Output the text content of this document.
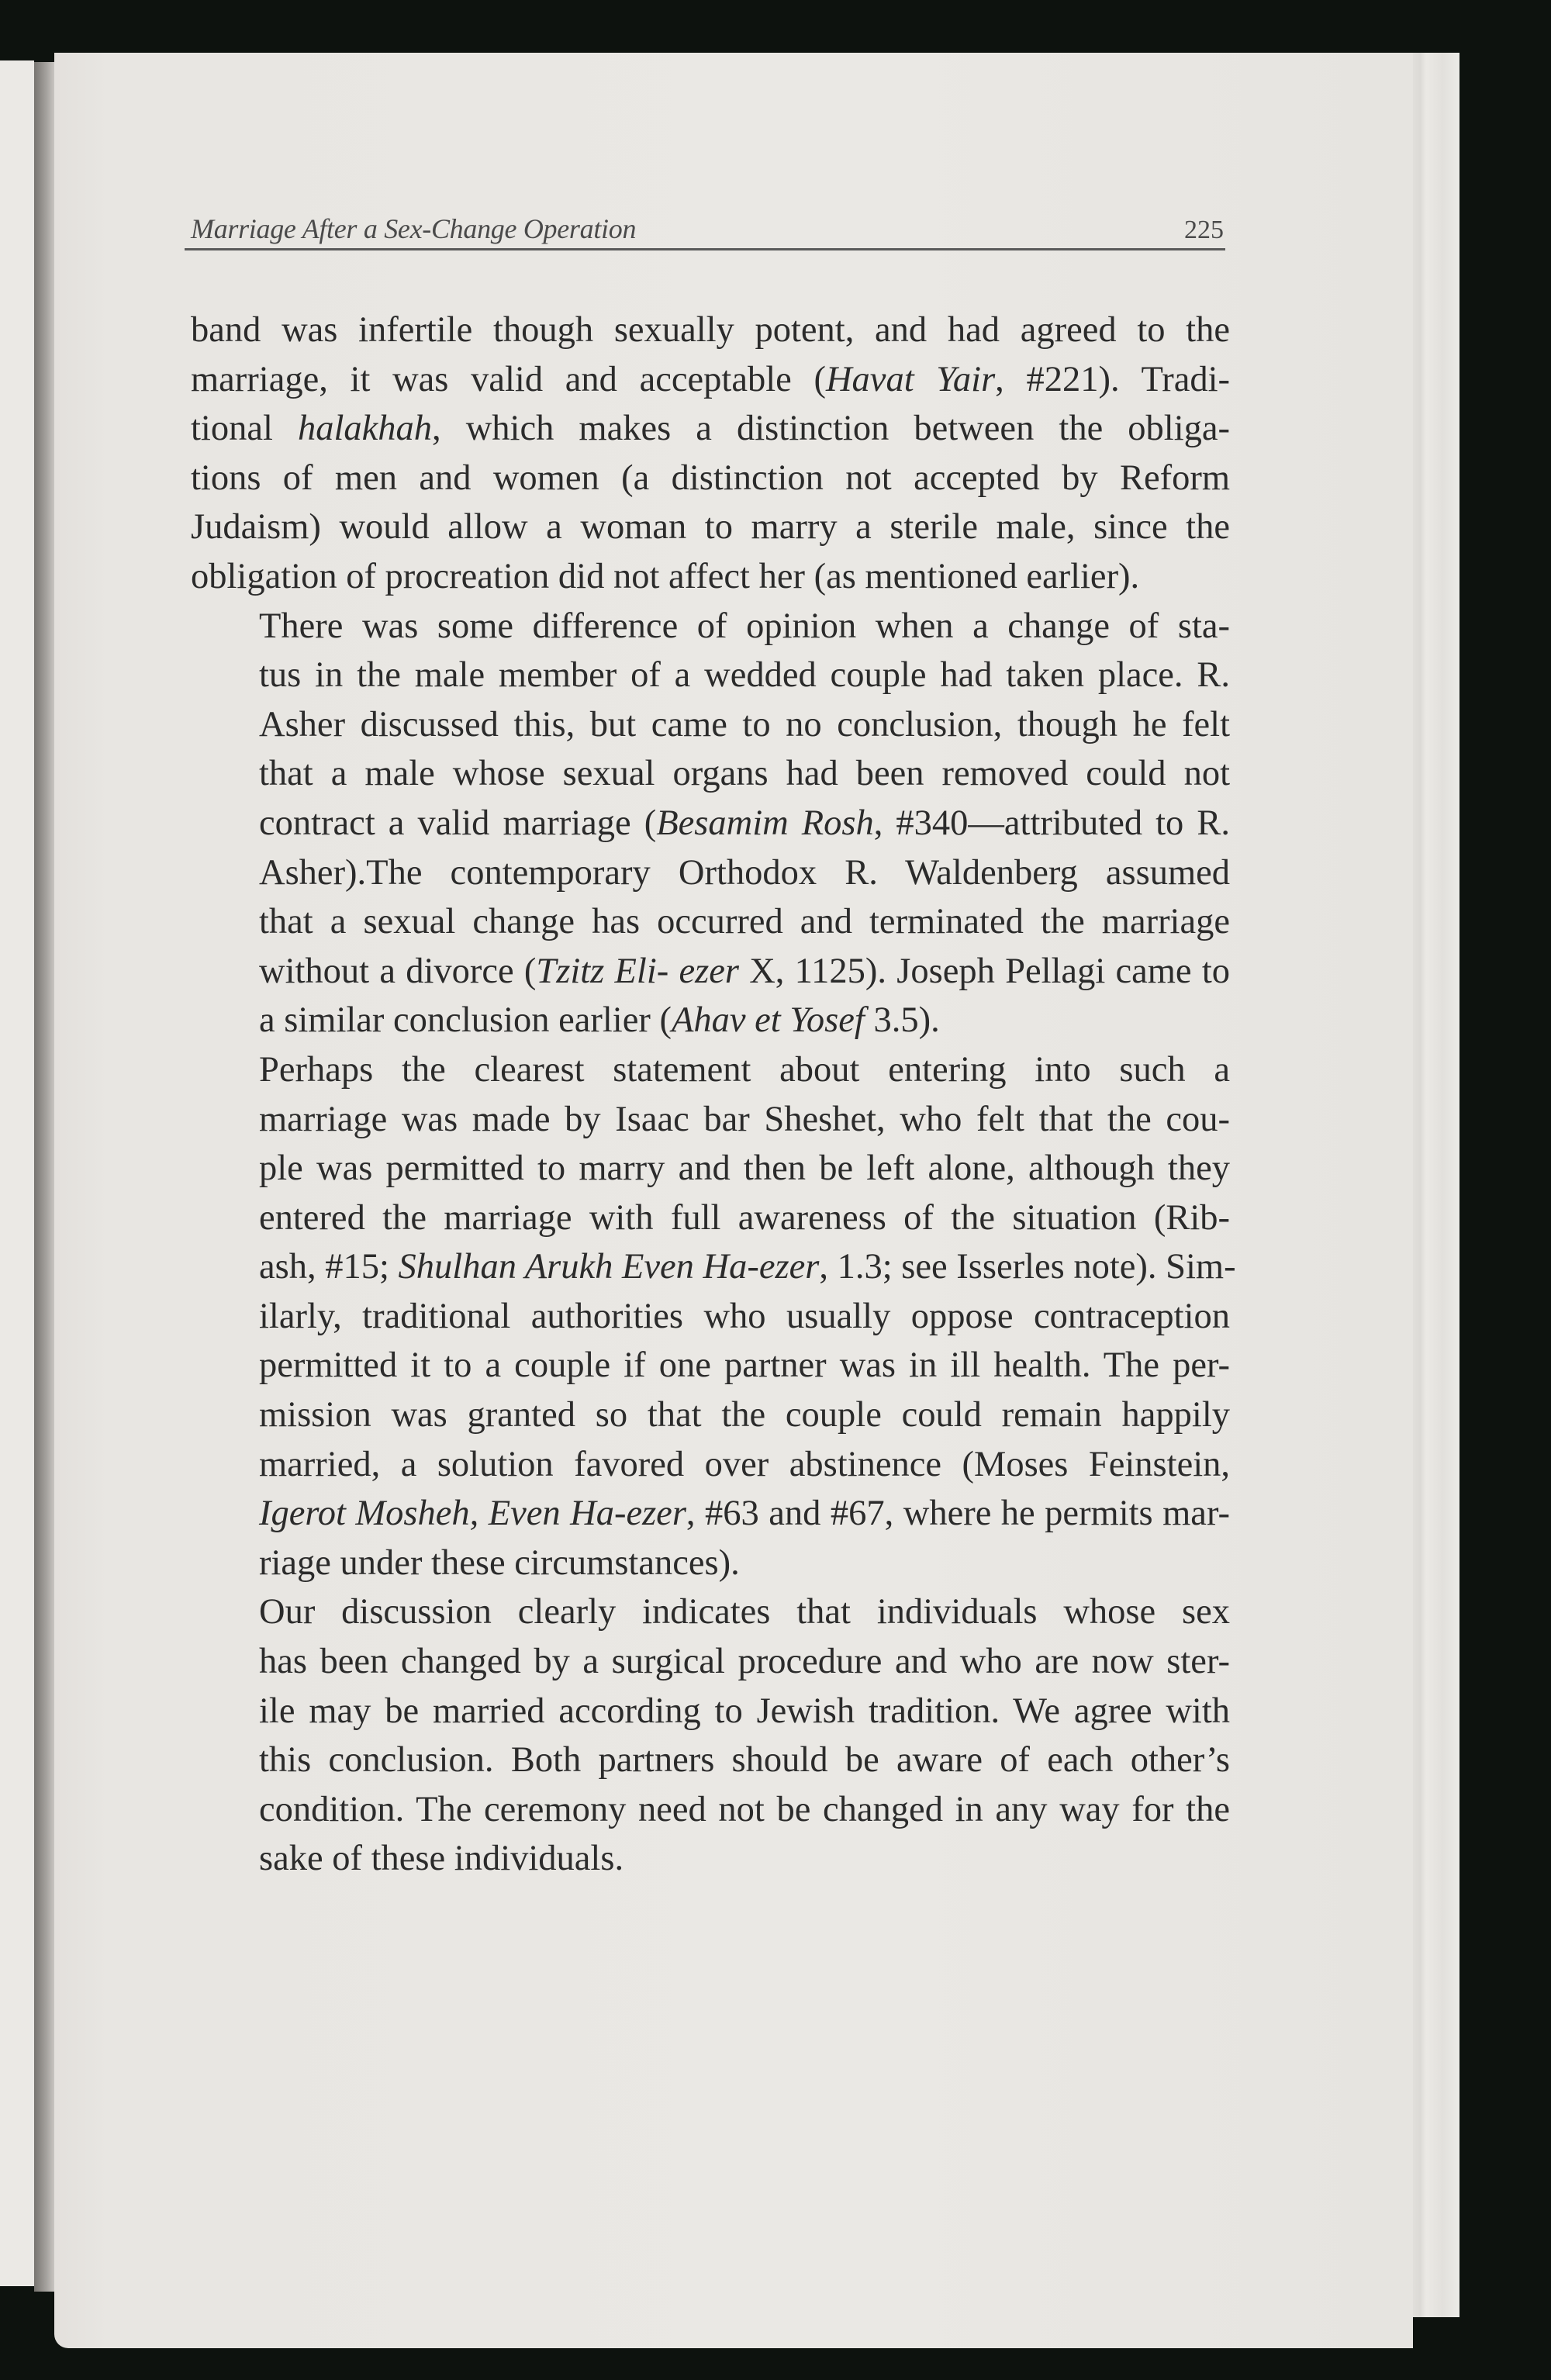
Marriage After a Sex-Change Operation	225

band was infertile though sexually potent, and had agreed to the
marriage, it was valid and acceptable (Havat Yair, #221). Tradi-
tional halakhah, which makes a distinction between the obliga-
tions of men and women (a distinction not accepted by Reform
Judaism) would allow a woman to marry a sterile male, since the
obligation of procreation did not affect her (as mentioned earlier).

There was some difference of opinion when a change of sta-
tus in the male member of a wedded couple had taken place. R.
Asher discussed this, but came to no conclusion, though he felt
that a male whose sexual organs had been removed could not
contract a valid marriage (Besamim Rosh, #340—attributed to R.
Asher).The contemporary Orthodox R. Waldenberg assumed
that a sexual change has occurred and terminated the marriage
without a divorce (Tzitz Eli- ezer X, 1125). Joseph Pellagi came to
a similar conclusion earlier (Ahav et Yosef 3.5).

Perhaps the clearest statement about entering into such a
marriage was made by Isaac bar Sheshet, who felt that the cou-
ple was permitted to marry and then be left alone, although they
entered the marriage with full awareness of the situation (Rib-
ash, #15; Shulhan Arukh Even Ha-ezer, 1.3; see Isserles note). Sim-
ilarly, traditional authorities who usually oppose contraception
permitted it to a couple if one partner was in ill health. The per-
mission was granted so that the couple could remain happily
married, a solution favored over abstinence (Moses Feinstein,
Igerot Mosheh, Even Ha-ezer, #63 and #67, where he permits mar-
riage under these circumstances).

Our discussion clearly indicates that individuals whose sex
has been changed by a surgical procedure and who are now ster-
ile may be married according to Jewish tradition. We agree with
this conclusion. Both partners should be aware of each other’s
condition. The ceremony need not be changed in any way for the
sake of these individuals.
